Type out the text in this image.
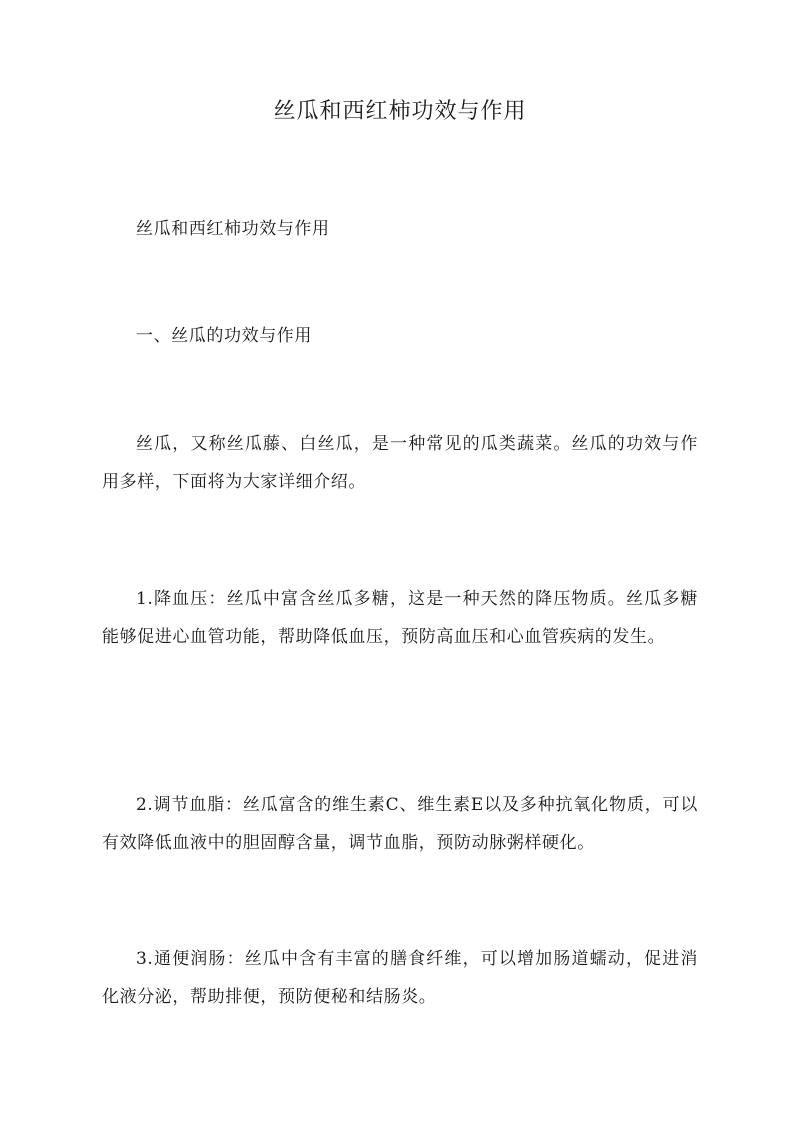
丝瓜和西红柿功效与作用

丝瓜和西红柿功效与作用

一、丝瓜的功效与作用

丝瓜，又称丝瓜藤、白丝瓜，是一种常见的瓜类蔬菜。丝瓜的功效与作用多样，下面将为大家详细介绍。

1.降血压：丝瓜中富含丝瓜多糖，这是一种天然的降压物质。丝瓜多糖能够促进心血管功能，帮助降低血压，预防高血压和心血管疾病的发生。

2.调节血脂：丝瓜富含的维生素C、维生素E以及多种抗氧化物质，可以有效降低血液中的胆固醇含量，调节血脂，预防动脉粥样硬化。

3.通便润肠：丝瓜中含有丰富的膳食纤维，可以增加肠道蠕动，促进消化液分泌，帮助排便，预防便秘和结肠炎。
